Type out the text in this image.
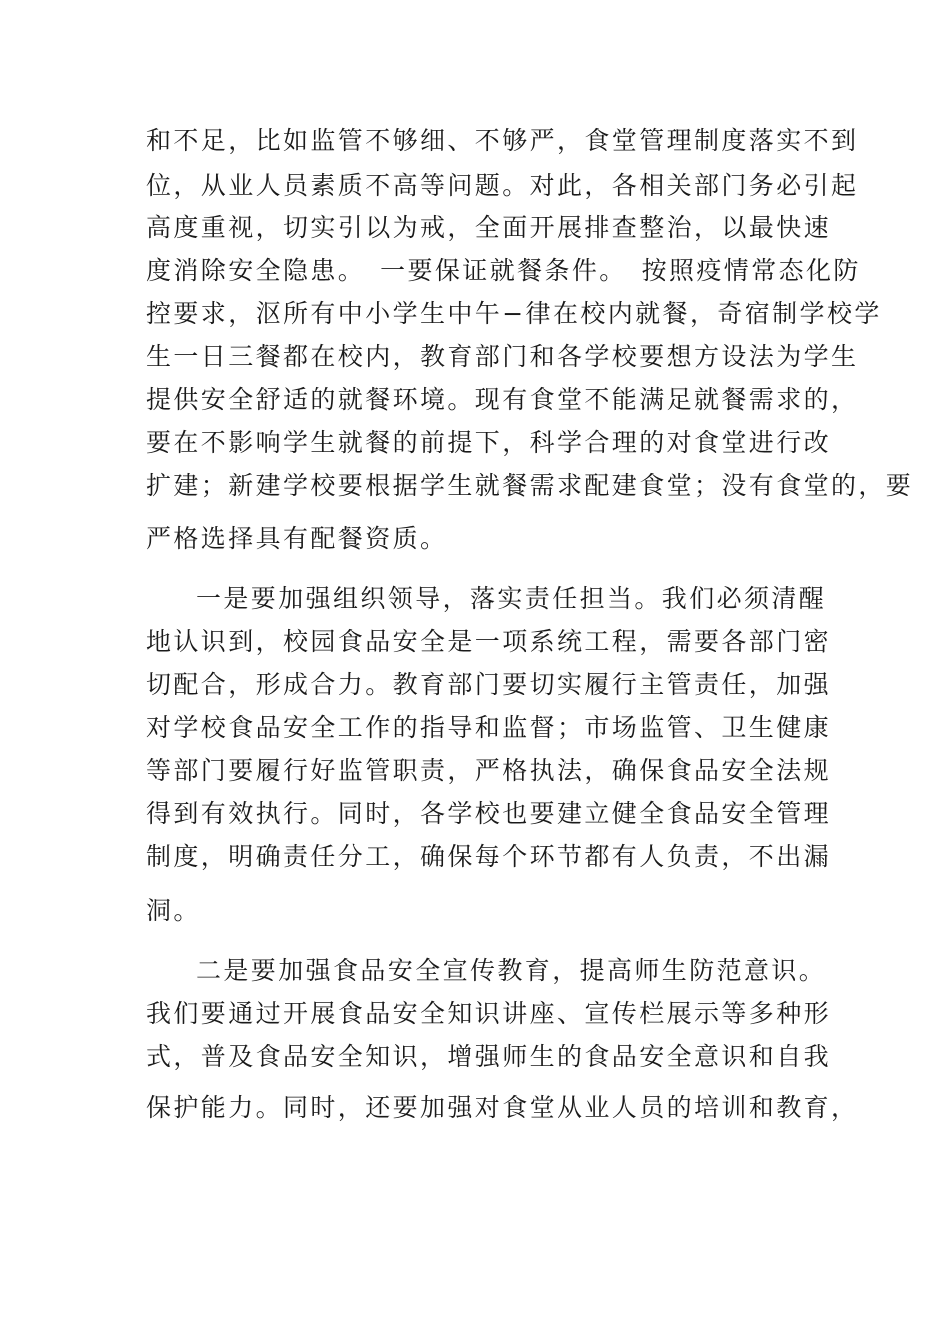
和不足，比如监管不够细、不够严，食堂管理制度落实不到
位，从业人员素质不高等问题。对此，各相关部门务必引起
高度重视，切实引以为戒，全面开展排查整治，以最快速
度消除安全隐患。　一要保证就餐条件。　按照疫情常态化防
控要求，沤所有中小学生中午−律在校内就餐，奇宿制学校学
生一日三餐都在校内，教育部门和各学校要想方设法为学生
提供安全舒适的就餐环境。现有食堂不能满足就餐需求的，
要在不影响学生就餐的前提下，科学合理的对食堂进行改
扩建；新建学校要根据学生就餐需求配建食堂；没有食堂的，要
严格选择具有配餐资质。
一是要加强组织领导，落实责任担当。我们必须清醒
地认识到，校园食品安全是一项系统工程，需要各部门密
切配合，形成合力。教育部门要切实履行主管责任，加强
对学校食品安全工作的指导和监督；市场监管、卫生健康
等部门要履行好监管职责，严格执法，确保食品安全法规
得到有效执行。同时，各学校也要建立健全食品安全管理
制度，明确责任分工，确保每个环节都有人负责，不出漏
洞。
二是要加强食品安全宣传教育，提高师生防范意识。
我们要通过开展食品安全知识讲座、宣传栏展示等多种形
式，普及食品安全知识，增强师生的食品安全意识和自我
保护能力。同时，还要加强对食堂从业人员的培训和教育，
